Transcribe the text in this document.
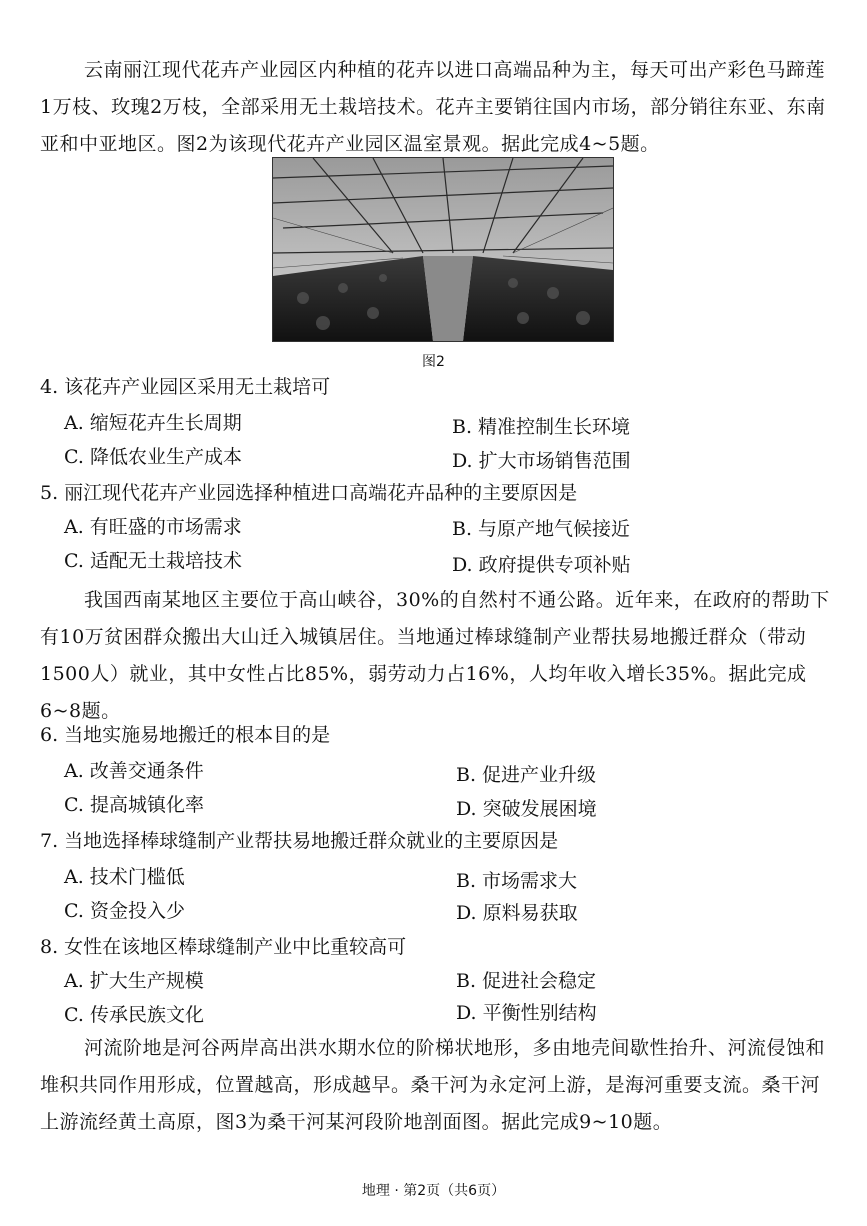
云南丽江现代花卉产业园区内种植的花卉以进口高端品种为主，每天可出产彩色马蹄莲1万枝、玫瑰2万枝，全部采用无土栽培技术。花卉主要销往国内市场，部分销往东亚、东南亚和中亚地区。图2为该现代花卉产业园区温室景观。据此完成4~5题。

图2

4. 该花卉产业园区采用无土栽培可

A. 缩短花卉生长周期	B. 精准控制生长环境
C. 降低农业生产成本	D. 扩大市场销售范围

5. 丽江现代花卉产业园选择种植进口高端花卉品种的主要原因是

A. 有旺盛的市场需求	B. 与原产地气候接近
C. 适配无土栽培技术	D. 政府提供专项补贴

我国西南某地区主要位于高山峡谷，30%的自然村不通公路。近年来，在政府的帮助下有10万贫困群众搬出大山迁入城镇居住。当地通过棒球缝制产业帮扶易地搬迁群众（带动1500人）就业，其中女性占比85%，弱劳动力占16%，人均年收入增长35%。据此完成6~8题。

6. 当地实施易地搬迁的根本目的是

A. 改善交通条件	B. 促进产业升级
C. 提高城镇化率	D. 突破发展困境

7. 当地选择棒球缝制产业帮扶易地搬迁群众就业的主要原因是

A. 技术门槛低	B. 市场需求大
C. 资金投入少	D. 原料易获取

8. 女性在该地区棒球缝制产业中比重较高可

A. 扩大生产规模	B. 促进社会稳定
C. 传承民族文化	D. 平衡性别结构

河流阶地是河谷两岸高出洪水期水位的阶梯状地形，多由地壳间歇性抬升、河流侵蚀和堆积共同作用形成，位置越高，形成越早。桑干河为永定河上游，是海河重要支流。桑干河上游流经黄土高原，图3为桑干河某河段阶地剖面图。据此完成9~10题。

地理 · 第2页（共6页）
